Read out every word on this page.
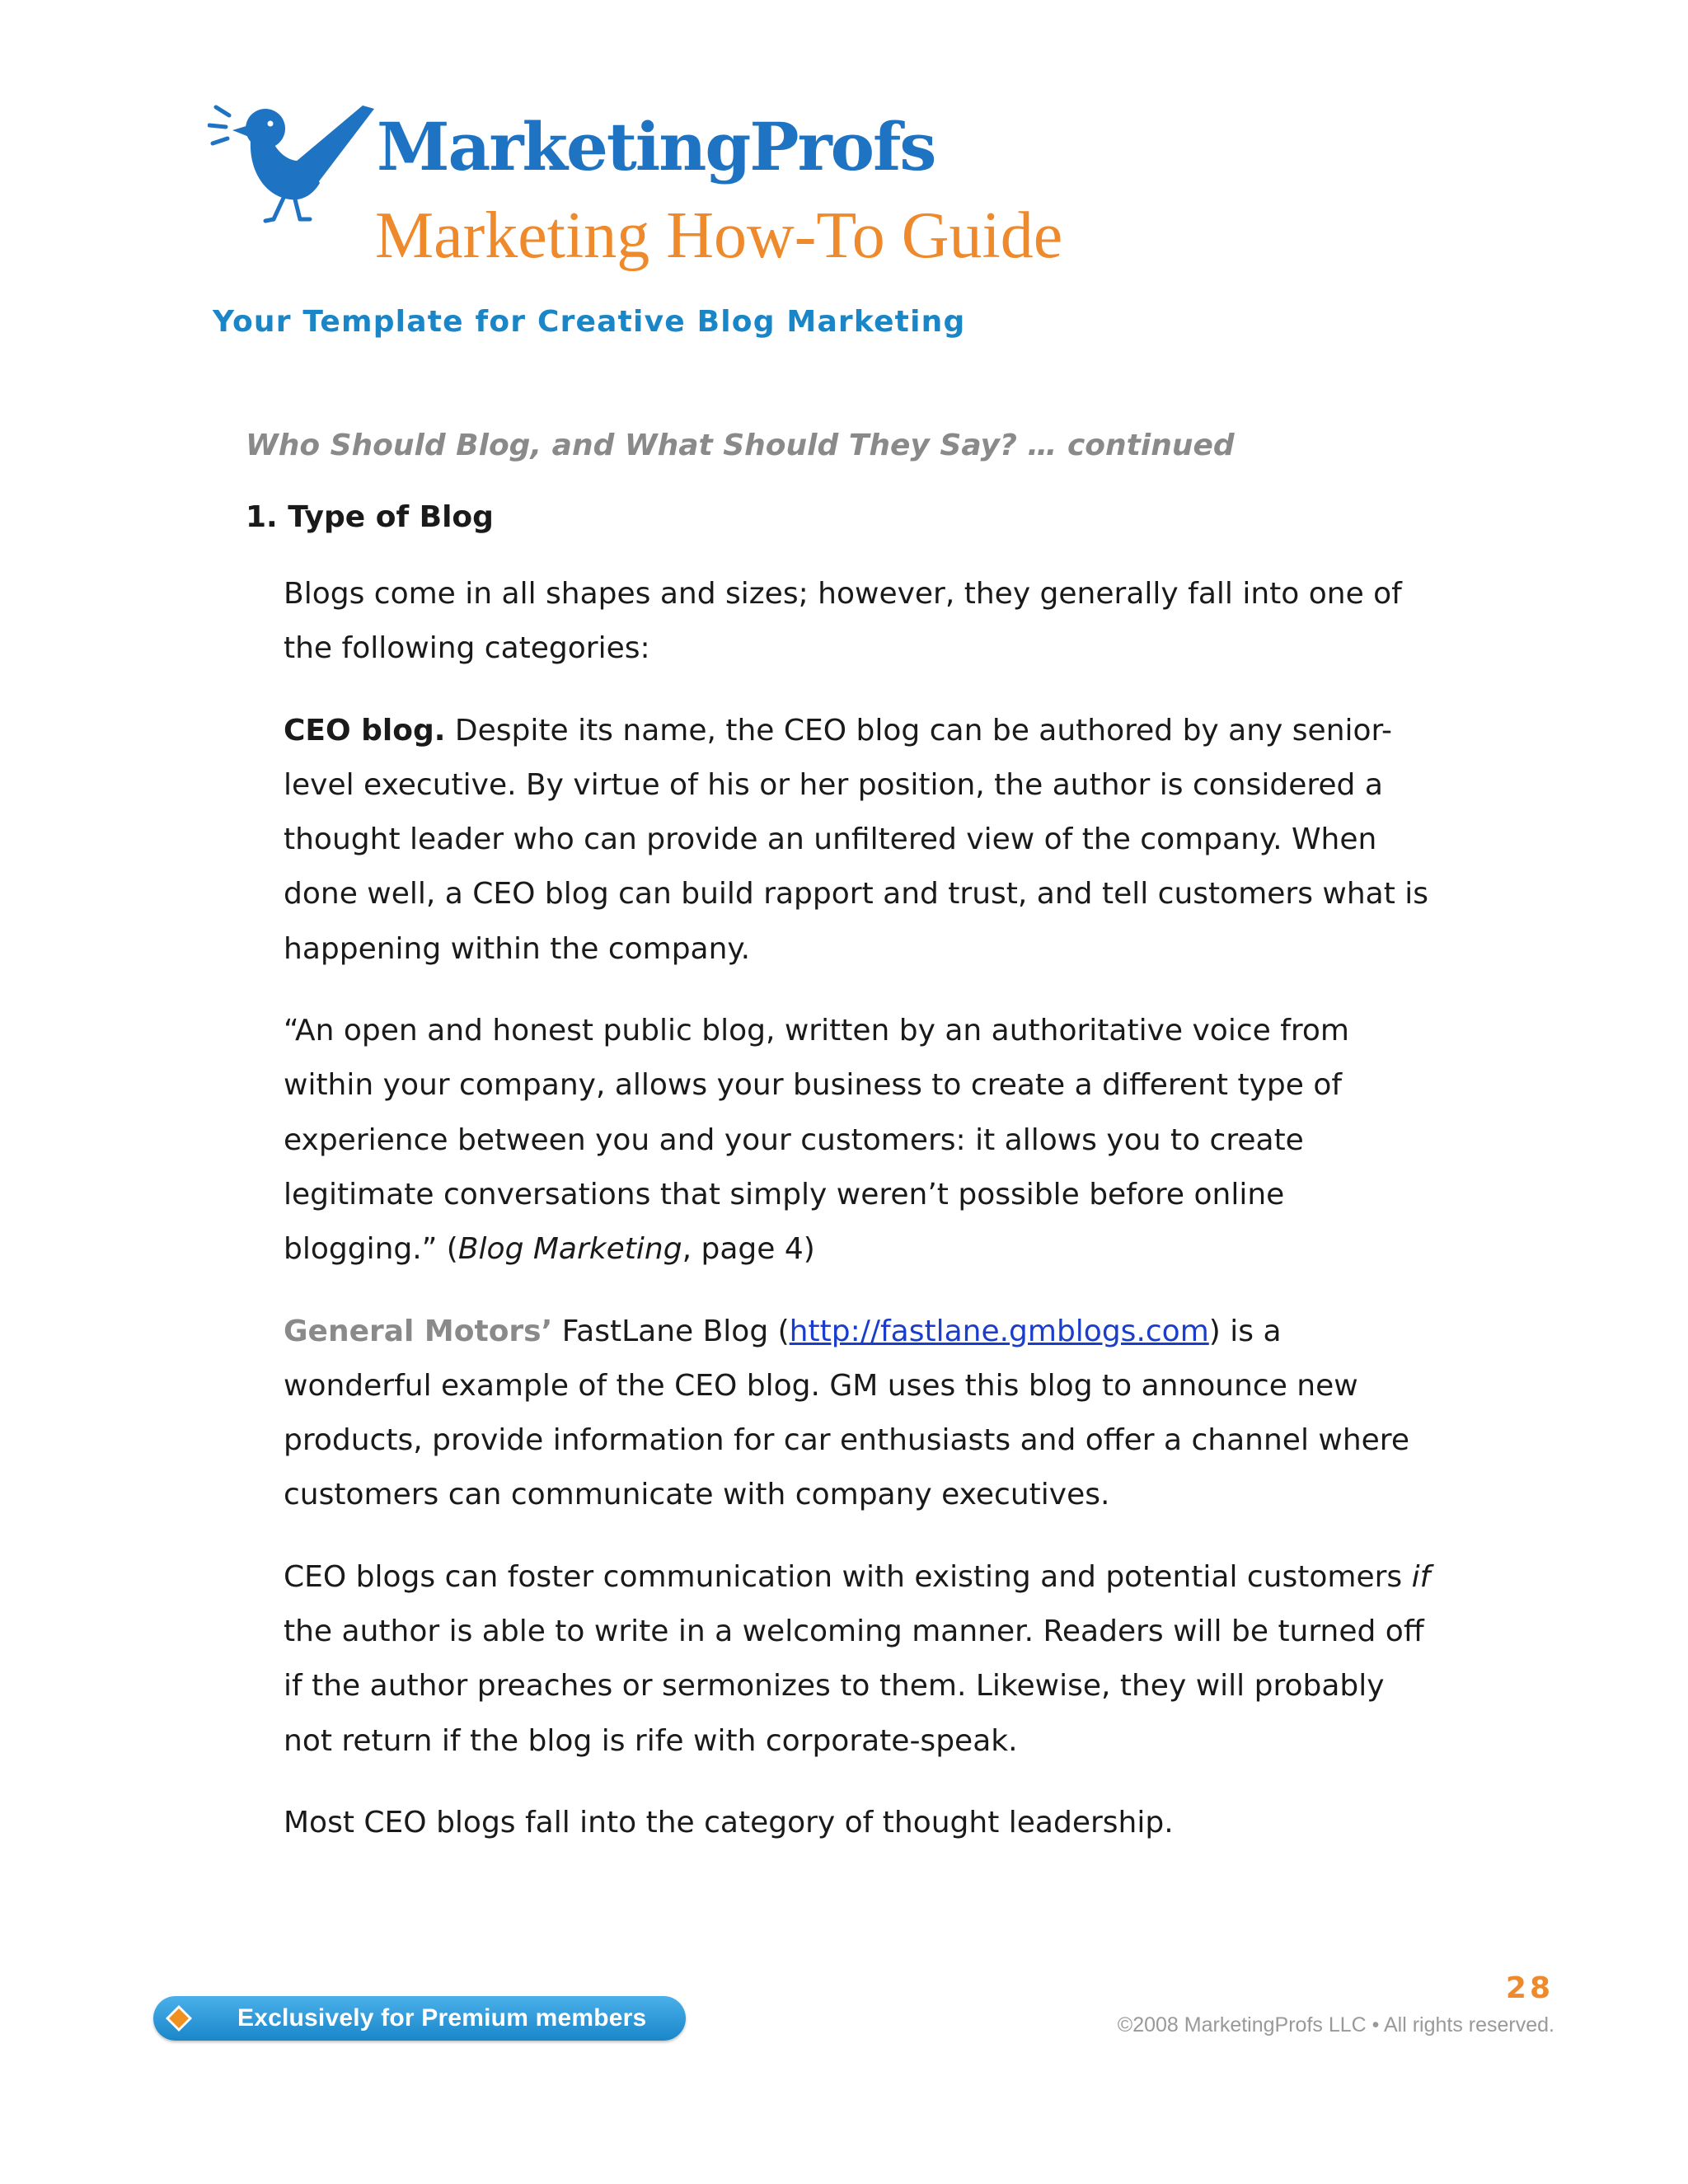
MarketingProfs
Marketing How-To Guide
Your Template for Creative Blog Marketing
Who Should Blog, and What Should They Say? … continued
1. Type of Blog

Blogs come in all shapes and sizes; however, they generally fall into one of the following categories:

CEO blog. Despite its name, the CEO blog can be authored by any senior-level executive. By virtue of his or her position, the author is considered a thought leader who can provide an unfiltered view of the company. When done well, a CEO blog can build rapport and trust, and tell customers what is happening within the company.

“An open and honest public blog, written by an authoritative voice from within your company, allows your business to create a different type of experience between you and your customers: it allows you to create legitimate conversations that simply weren’t possible before online blogging.” (Blog Marketing, page 4)

General Motors’ FastLane Blog (http://fastlane.gmblogs.com) is a wonderful example of the CEO blog. GM uses this blog to announce new products, provide information for car enthusiasts and offer a channel where customers can communicate with company executives.

CEO blogs can foster communication with existing and potential customers if the author is able to write in a welcoming manner. Readers will be turned off if the author preaches or sermonizes to them. Likewise, they will probably not return if the blog is rife with corporate-speak.

Most CEO blogs fall into the category of thought leadership.

Exclusively for Premium members
28
©2008 MarketingProfs LLC • All rights reserved.
